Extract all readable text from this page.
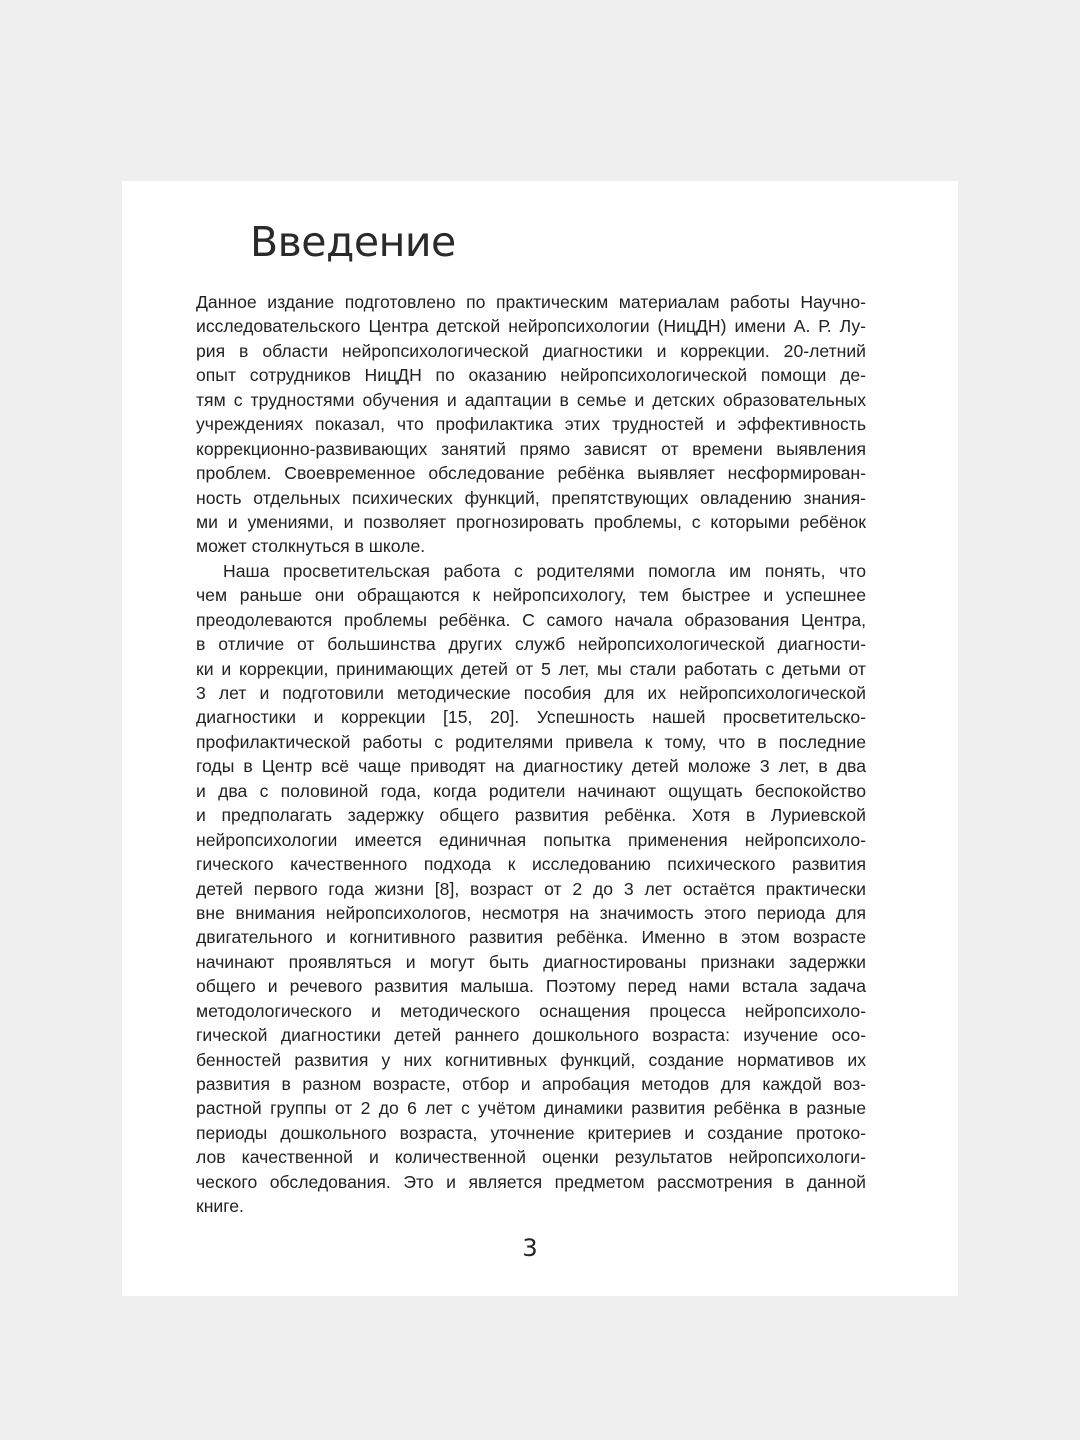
Введение
Данное издание подготовлено по практическим материалам работы Научно-
исследовательского Центра детской нейропсихологии (НицДН) имени А. Р. Лу-
рия в области нейропсихологической диагностики и коррекции. 20-летний
опыт сотрудников НицДН по оказанию нейропсихологической помощи де-
тям с трудностями обучения и адаптации в семье и детских образовательных
учреждениях показал, что профилактика этих трудностей и эффективность
коррекционно-развивающих занятий прямо зависят от времени выявления
проблем. Своевременное обследование ребёнка выявляет несформирован-
ность отдельных психических функций, препятствующих овладению знания-
ми и умениями, и позволяет прогнозировать проблемы, с которыми ребёнок
может столкнуться в школе.
Наша просветительская работа с родителями помогла им понять, что
чем раньше они обращаются к нейропсихологу, тем быстрее и успешнее
преодолеваются проблемы ребёнка. С самого начала образования Центра,
в отличие от большинства других служб нейропсихологической диагности-
ки и коррекции, принимающих детей от 5 лет, мы стали работать с детьми от
3 лет и подготовили методические пособия для их нейропсихологической
диагностики и коррекции [15, 20]. Успешность нашей просветительско-
профилактической работы с родителями привела к тому, что в последние
годы в Центр всё чаще приводят на диагностику детей моложе 3 лет, в два
и два с половиной года, когда родители начинают ощущать беспокойство
и предполагать задержку общего развития ребёнка. Хотя в Луриевской
нейропсихологии имеется единичная попытка применения нейропсихоло-
гического качественного подхода к исследованию психического развития
детей первого года жизни [8], возраст от 2 до 3 лет остаётся практически
вне внимания нейропсихологов, несмотря на значимость этого периода для
двигательного и когнитивного развития ребёнка. Именно в этом возрасте
начинают проявляться и могут быть диагностированы признаки задержки
общего и речевого развития малыша. Поэтому перед нами встала задача
методологического и методического оснащения процесса нейропсихоло-
гической диагностики детей раннего дошкольного возраста: изучение осо-
бенностей развития у них когнитивных функций, создание нормативов их
развития в разном возрасте, отбор и апробация методов для каждой воз-
растной группы от 2 до 6 лет с учётом динамики развития ребёнка в разные
периоды дошкольного возраста, уточнение критериев и создание протоко-
лов качественной и количественной оценки результатов нейропсихологи-
ческого обследования. Это и является предметом рассмотрения в данной
книге.
3
